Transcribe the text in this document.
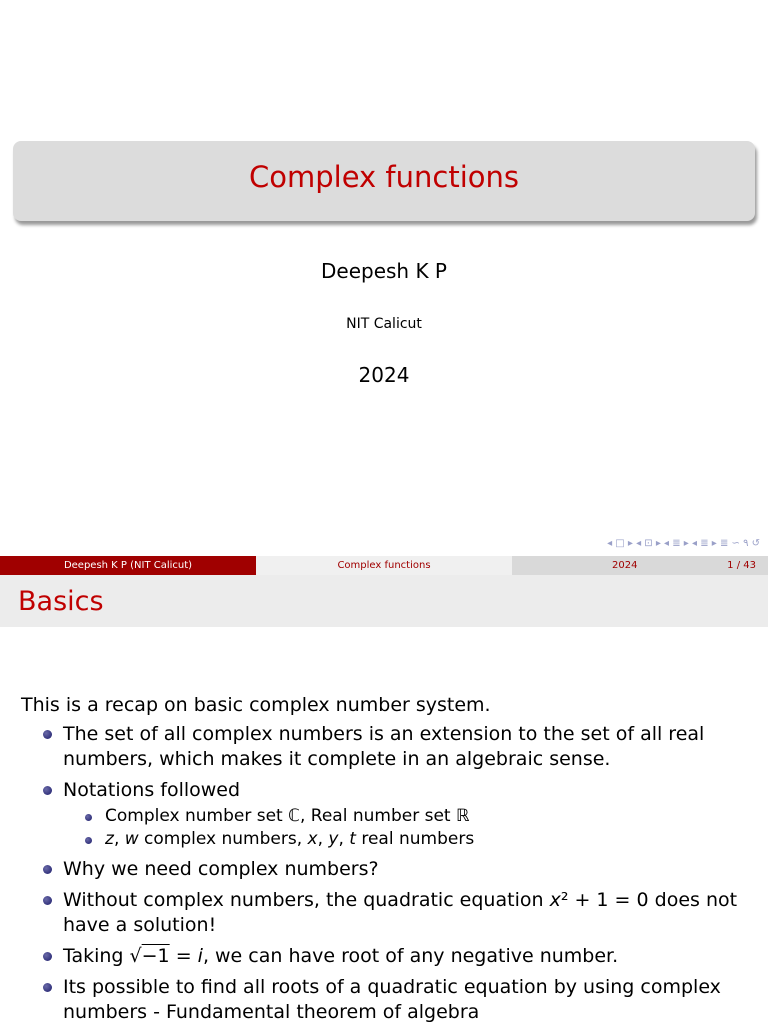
Complex functions
Deepesh K P
NIT Calicut
2024
◂ □ ▸ ◂ ⊡ ▸ ◂ ≣ ▸ ◂ ≣ ▸ ≣ ∽ ۹ ↺
Deepesh K P (NIT Calicut)	Complex functions	2024	1 / 43
Basics
This is a recap on basic complex number system.
The set of all complex numbers is an extension to the set of all real numbers, which makes it complete in an algebraic sense.
Notations followed
Complex number set ℂ, Real number set ℝ
z, w complex numbers, x, y, t real numbers
Why we need complex numbers?
Without complex numbers, the quadratic equation x² + 1 = 0 does not have a solution!
Taking √−1 = i, we can have root of any negative number.
Its possible to find all roots of a quadratic equation by using complex numbers - Fundamental theorem of algebra
